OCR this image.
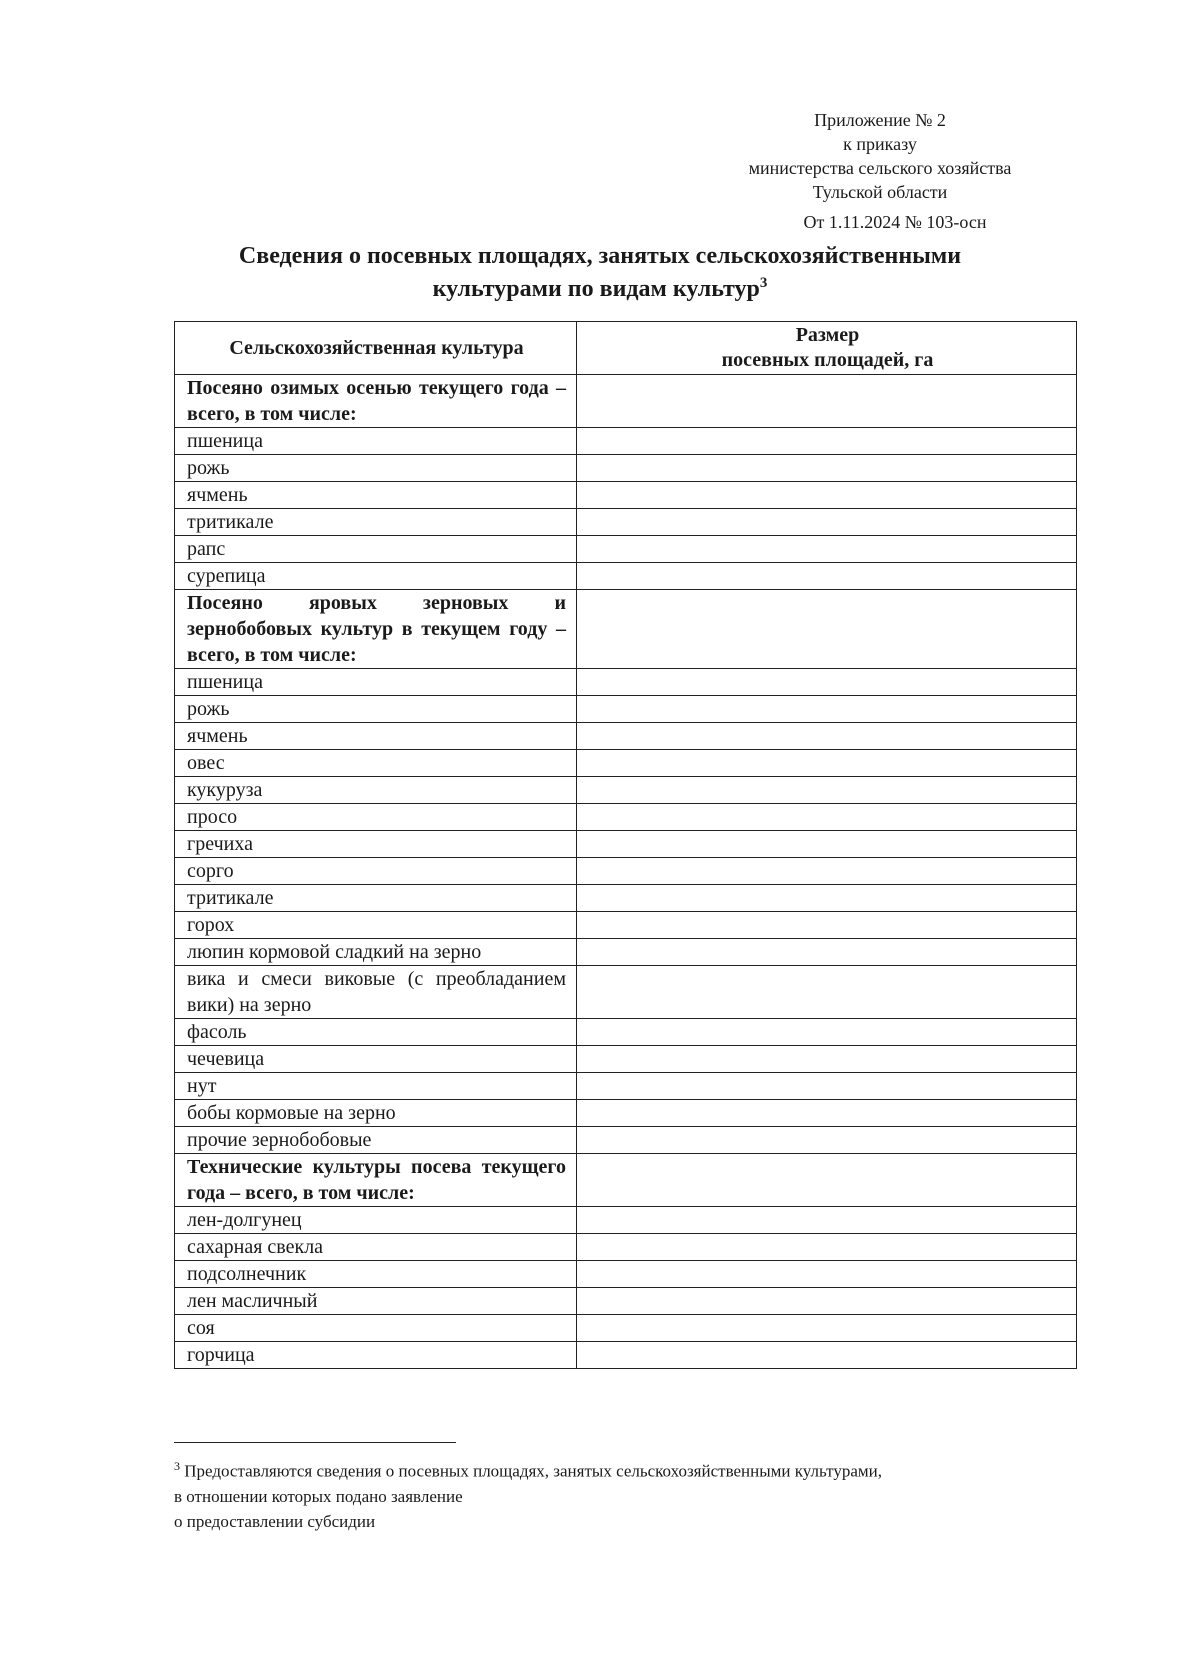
Приложение № 2
к приказу
министерства сельского хозяйства
Тульской области
От 1.11.2024 № 103-осн
Сведения о посевных площадях, занятых сельскохозяйственными
культурами по видам культур$^3$
Сельскохозяйственная культура	Размер
посевных площадей, га
Посеяно озимых осенью текущего года – всего, в том числе:	
пшеница	
рожь	
ячмень	
тритикале	
рапс	
сурепица	
Посеяно яровых зерновых и зернобобовых культур в текущем году – всего, в том числе:	
пшеница	
рожь	
ячмень	
овес	
кукуруза	
просо	
гречиха	
сорго	
тритикале	
горох	
люпин кормовой сладкий на зерно	
вика и смеси виковые (с преобладанием вики) на зерно	
фасоль	
чечевица	
нут	
бобы кормовые на зерно	
прочие зернобобовые	
Технические культуры посева текущего года – всего, в том числе:	
лен-долгунец	
сахарная свекла	
подсолнечник	
лен масличный	
соя	
горчица	
$^3$ Предоставляются сведения о посевных площадях, занятых сельскохозяйственными культурами,
в отношении которых подано заявление
о предоставлении субсидии
